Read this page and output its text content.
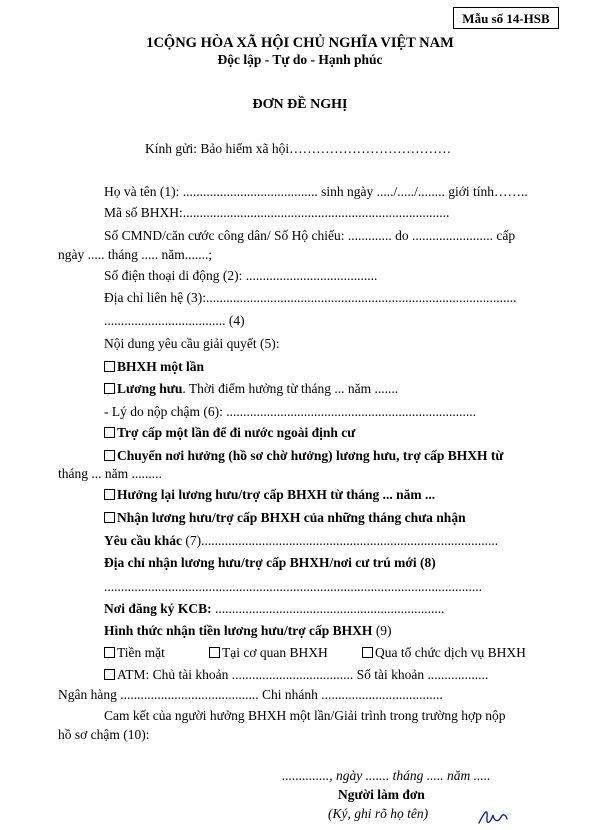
Mẫu số 14-HSB
1CỘNG HÒA XÃ HỘI CHỦ NGHĨA VIỆT NAM
Độc lập - Tự do - Hạnh phúc
ĐƠN ĐỀ NGHỊ
Kính gửi: Bảo hiểm xã hội………………………………
Họ và tên (1): ........................................ sinh ngày ...../...../........ giới tính……..
Mã số BHXH:...............................................................................
Số CMND/căn cước công dân/ Số Hộ chiếu: ............. do ........................ cấp
ngày ..... tháng ..... năm.......;
Số điện thoại di động (2): .......................................
Địa chỉ liên hệ (3):............................................................................................
.................................... (4)
Nội dung yêu cầu giải quyết (5):
BHXH một lần
Lương hưu. Thời điểm hưởng từ tháng ... năm .......
- Lý do nộp chậm (6): ..........................................................................
Trợ cấp một lần để đi nước ngoài định cư
Chuyển nơi hưởng (hồ sơ chờ hưởng) lương hưu, trợ cấp BHXH từ
tháng ... năm .........
Hưởng lại lương hưu/trợ cấp BHXH từ tháng ... năm ...
Nhận lương hưu/trợ cấp BHXH của những tháng chưa nhận
Yêu cầu khác (7)........................................................................................
Địa chỉ nhận lương hưu/trợ cấp BHXH/nơi cư trú mới (8)
................................................................................................................
Nơi đăng ký KCB: ....................................................................
Hình thức nhận tiền lương hưu/trợ cấp BHXH (9)
Tiền mặt	Tại cơ quan BHXH	Qua tổ chức dịch vụ BHXH
ATM: Chủ tài khoản .................................... Số tài khoản ..................
Ngân hàng ......................................... Chi nhánh ....................................
Cam kết của người hưởng BHXH một lần/Giải trình trong trường hợp nộp
hồ sơ chậm (10):
.............., ngày ....... tháng ..... năm .....
Người làm đơn
(Ký, ghi rõ họ tên)
